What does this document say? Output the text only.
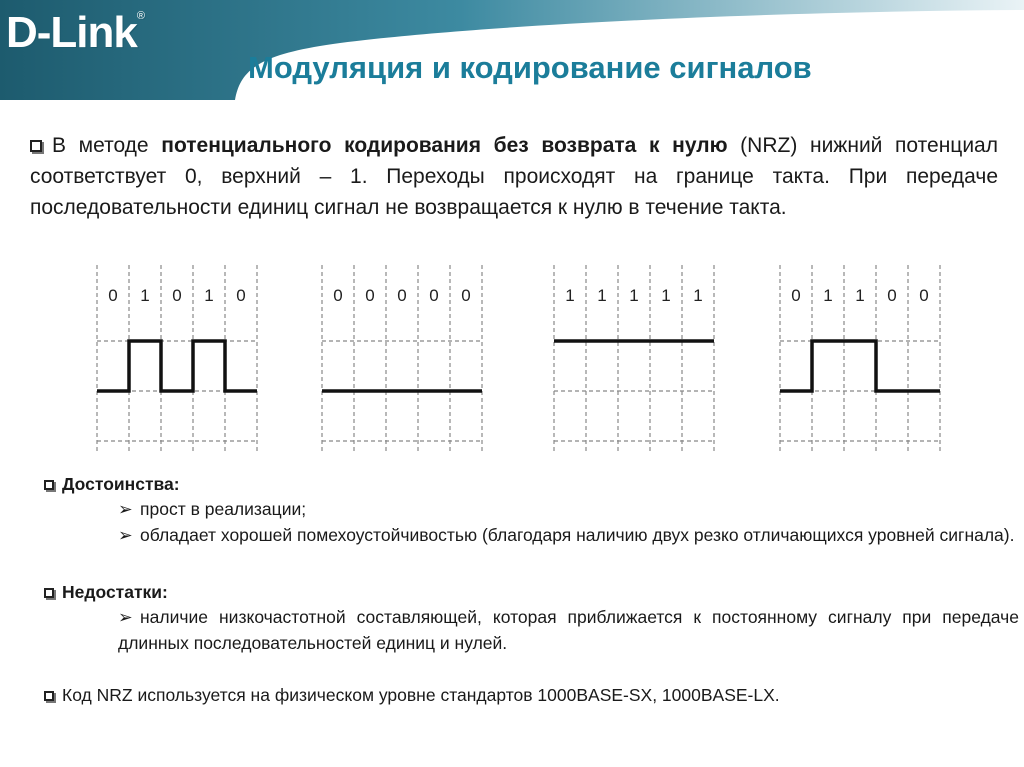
D-Link®
Модуляция и кодирование сигналов
В методе потенциального кодирования без возврата к нулю (NRZ) нижний потенциал соответствует 0, верхний – 1. Переходы происходят на границе такта. При передаче последовательности единиц сигнал не возвращается к нулю в течение такта.
0 1 0 1 0	0 0 0 0 0	1 1 1 1 1	0 1 1 0 0
Достоинства:
➢ прост в реализации;
➢ обладает хорошей помехоустойчивостью (благодаря наличию двух резко отличающихся уровней сигнала).
Недостатки:
➢ наличие низкочастотной составляющей, которая приближается к постоянному сигналу при передаче длинных последовательностей единиц и нулей.
Код NRZ используется на физическом уровне стандартов 1000BASE-SX, 1000BASE-LX.
